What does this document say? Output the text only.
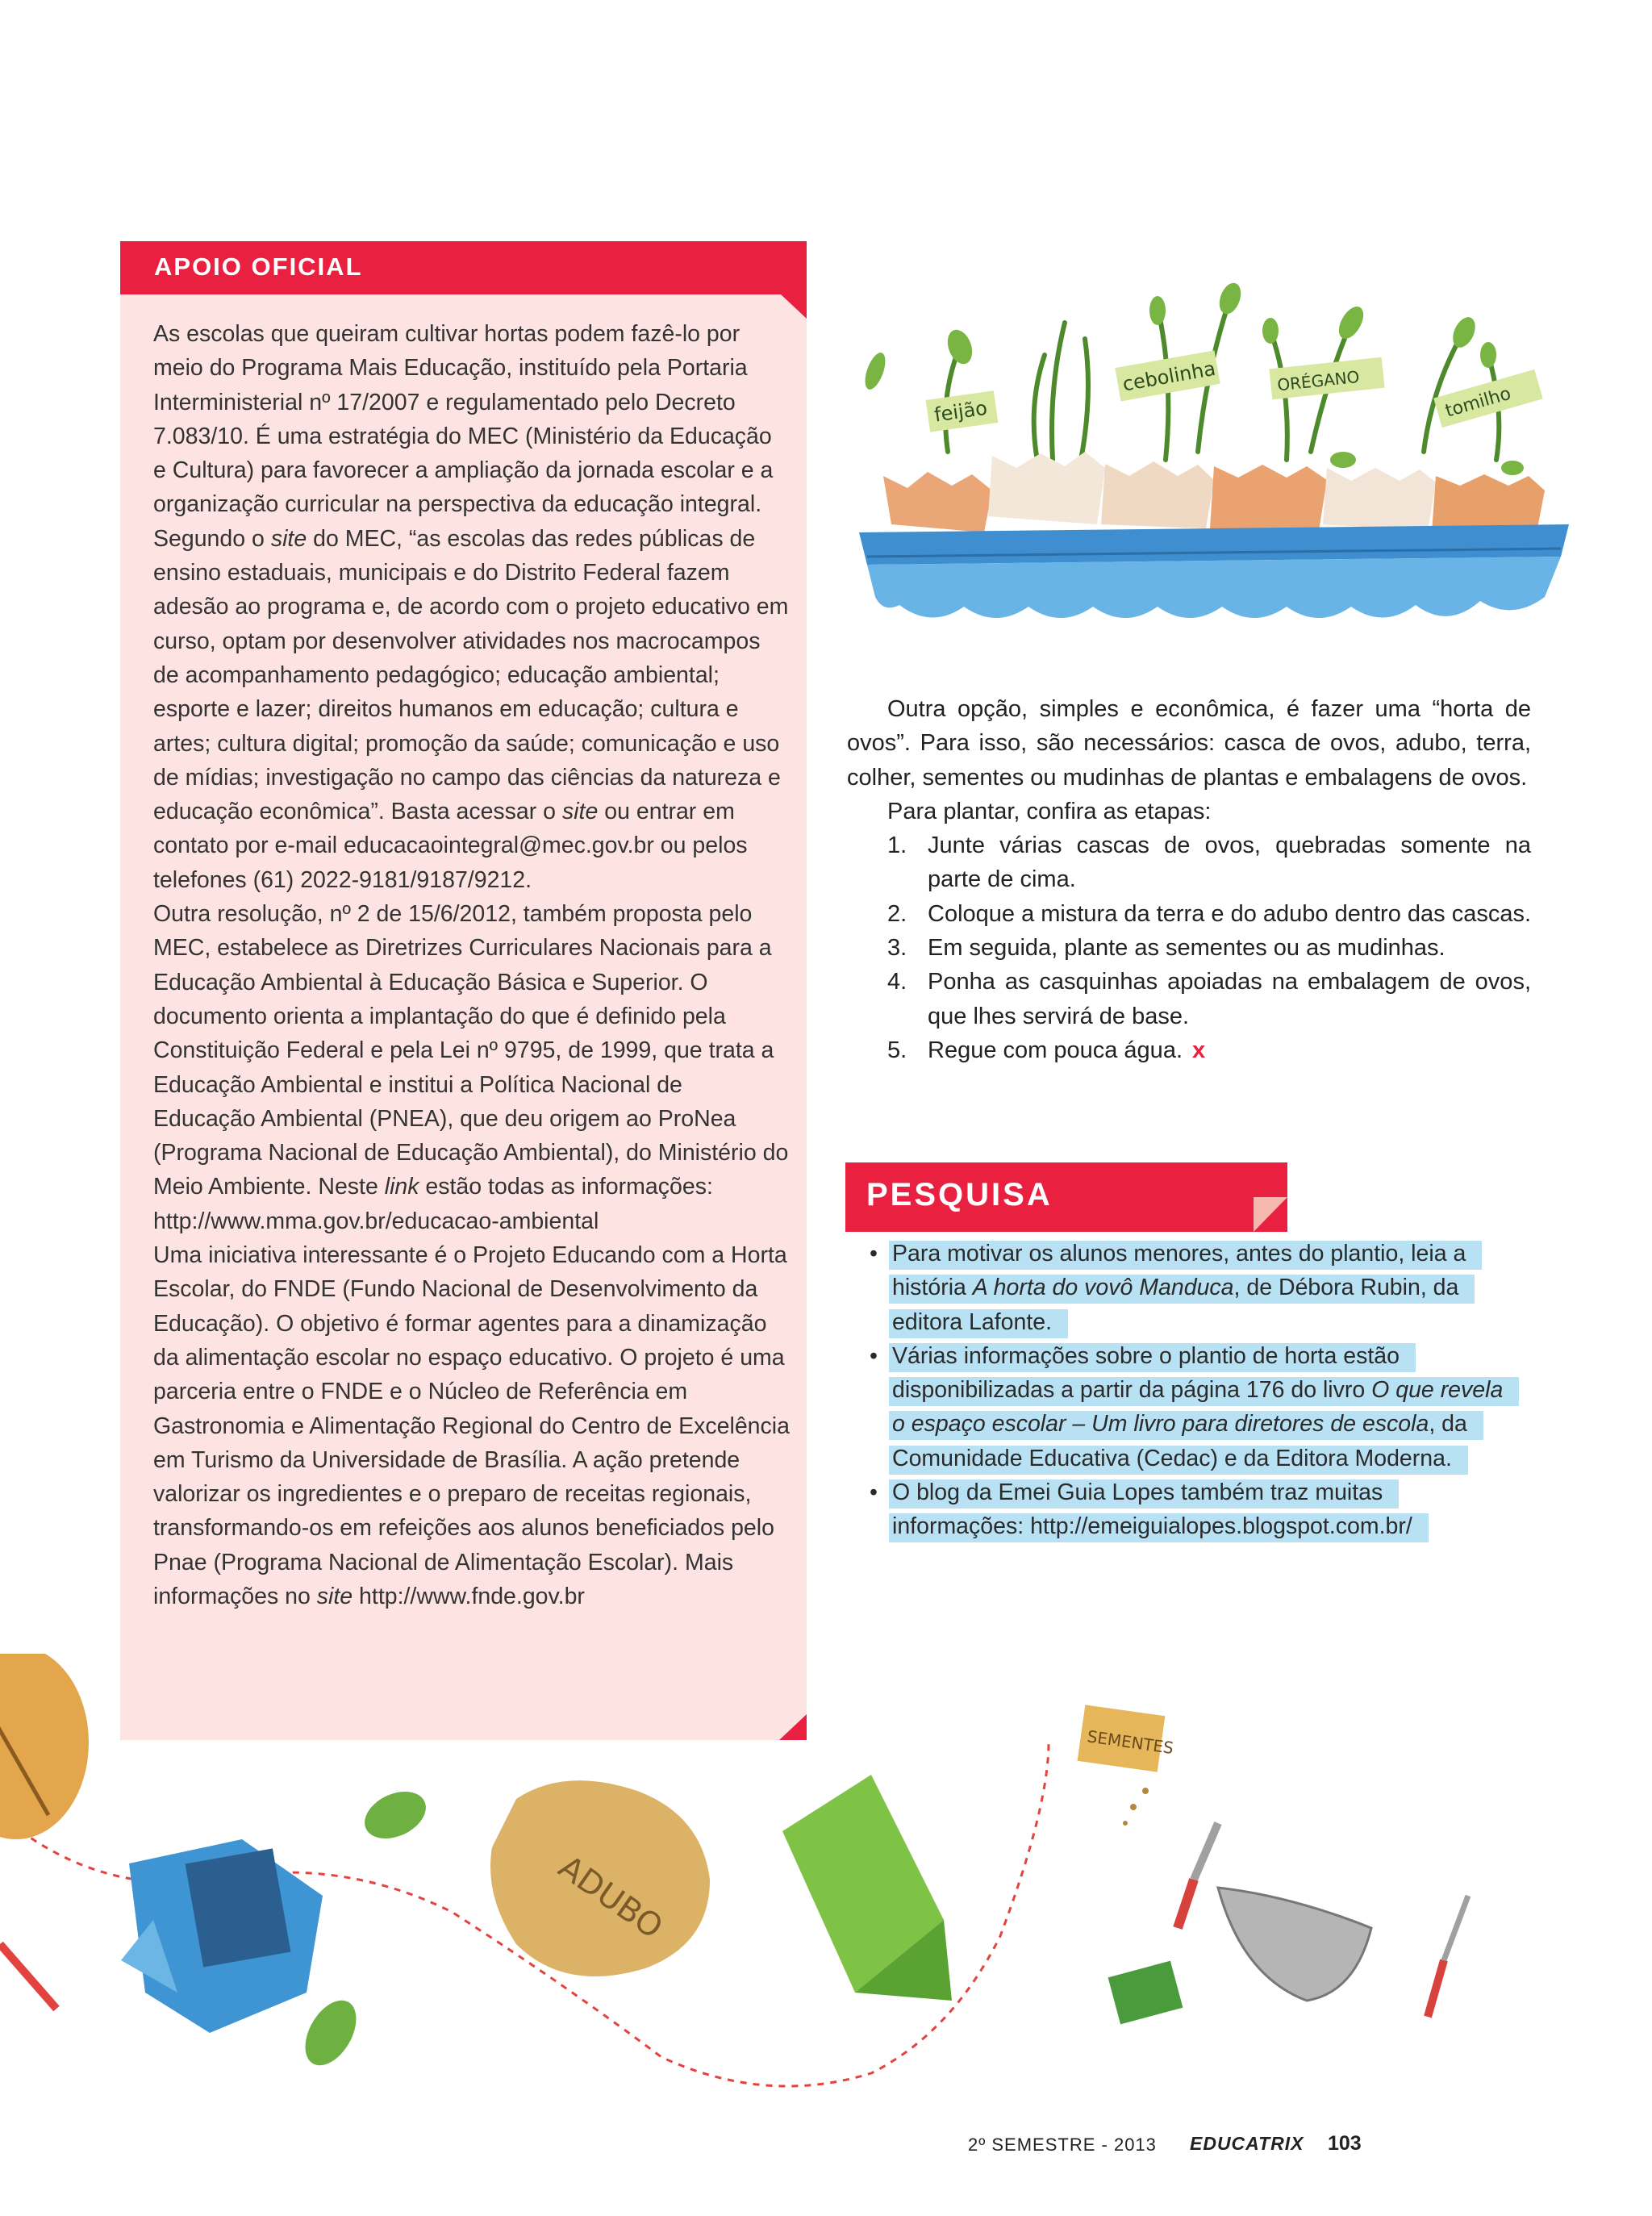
APOIO OFICIAL

As escolas que queiram cultivar hortas podem fazê-lo por meio do Programa Mais Educação, instituído pela Portaria Interministerial nº 17/2007 e regulamentado pelo Decreto 7.083/10. É uma estratégia do MEC (Ministério da Educação e Cultura) para favorecer a ampliação da jornada escolar e a organização curricular na perspectiva da educação integral.

Segundo o site do MEC, “as escolas das redes públicas de ensino estaduais, municipais e do Distrito Federal fazem adesão ao programa e, de acordo com o projeto educativo em curso, optam por desenvolver atividades nos macrocampos de acompanhamento pedagógico; educação ambiental; esporte e lazer; direitos humanos em educação; cultura e artes; cultura digital; promoção da saúde; comunicação e uso de mídias; investigação no campo das ciências da natureza e educação econômica”. Basta acessar o site ou entrar em contato por e-mail educacaointegral@mec.gov.br ou pelos telefones (61) 2022-9181/9187/9212.

Outra resolução, nº 2 de 15/6/2012, também proposta pelo MEC, estabelece as Diretrizes Curriculares Nacionais para a Educação Ambiental à Educação Básica e Superior. O documento orienta a implantação do que é definido pela Constituição Federal e pela Lei nº 9795, de 1999, que trata a Educação Ambiental e institui a Política Nacional de Educação Ambiental (PNEA), que deu origem ao ProNea (Programa Nacional de Educação Ambiental), do Ministério do Meio Ambiente. Neste link estão todas as informações: http://www.mma.gov.br/educacao-ambiental

Uma iniciativa interessante é o Projeto Educando com a Horta Escolar, do FNDE (Fundo Nacional de Desenvolvimento da Educação). O objetivo é formar agentes para a dinamização da alimentação escolar no espaço educativo. O projeto é uma parceria entre o FNDE e o Núcleo de Referência em Gastronomia e Alimentação Regional do Centro de Excelência em Turismo da Universidade de Brasília. A ação pretende valorizar os ingredientes e o preparo de receitas regionais, transformando-os em refeições aos alunos beneficiados pelo Pnae (Programa Nacional de Alimentação Escolar). Mais informações no site http://www.fnde.gov.br

feijão
cebolinha	ORÉGANO
tomilho

Outra opção, simples e econômica, é fazer uma “horta de ovos”. Para isso, são necessários: casca de ovos, adubo, terra, colher, sementes ou mudinhas de plantas e embalagens de ovos.

Para plantar, confira as etapas:

1. Junte várias cascas de ovos, quebradas somente na parte de cima.
2. Coloque a mistura da terra e do adubo dentro das cascas.
3. Em seguida, plante as sementes ou as mudinhas.
4. Ponha as casquinhas apoiadas na embalagem de ovos, que lhes servirá de base.
5. Regue com pouca água. x
PESQUISA
• Para motivar os alunos menores, antes do plantio, leia a história A horta do vovô Manduca, de Débora Rubin, da editora Lafonte.
• Várias informações sobre o plantio de horta estão disponibilizadas a partir da página 176 do livro O que revela o espaço escolar – Um livro para diretores de escola, da Comunidade Educativa (Cedac) e da Editora Moderna.
• O blog da Emei Guia Lopes também traz muitas informações: http://emeiguialopes.blogspot.com.br/
ADUBO
SEMENTES
2º SEMESTRE - 2013 EDUCATRIX 103
